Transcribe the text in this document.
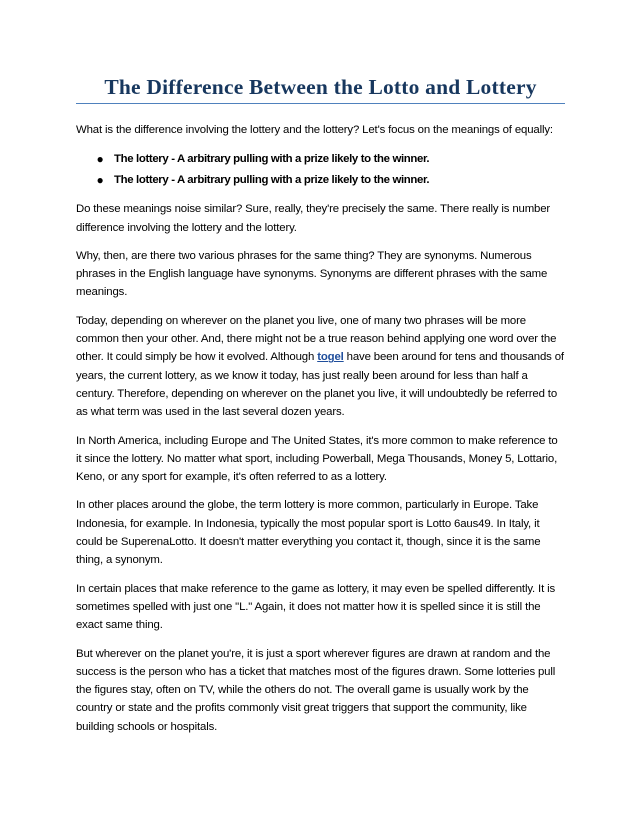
The Difference Between the Lotto and Lottery

What is the difference involving the lottery and the lottery? Let's focus on the meanings of equally:

● The lottery - A arbitrary pulling with a prize likely to the winner.
● The lottery - A arbitrary pulling with a prize likely to the winner.

Do these meanings noise similar? Sure, really, they're precisely the same. There really is number difference involving the lottery and the lottery.

Why, then, are there two various phrases for the same thing? They are synonyms. Numerous phrases in the English language have synonyms. Synonyms are different phrases with the same meanings.

Today, depending on wherever on the planet you live, one of many two phrases will be more common then your other. And, there might not be a true reason behind applying one word over the other. It could simply be how it evolved. Although togel have been around for tens and thousands of years, the current lottery, as we know it today, has just really been around for less than half a century. Therefore, depending on wherever on the planet you live, it will undoubtedly be referred to as what term was used in the last several dozen years.

In North America, including Europe and The United States, it's more common to make reference to it since the lottery. No matter what sport, including Powerball, Mega Thousands, Money 5, Lottario, Keno, or any sport for example, it's often referred to as a lottery.

In other places around the globe, the term lottery is more common, particularly in Europe. Take Indonesia, for example. In Indonesia, typically the most popular sport is Lotto 6aus49. In Italy, it could be SuperenaLotto. It doesn't matter everything you contact it, though, since it is the same thing, a synonym.

In certain places that make reference to the game as lottery, it may even be spelled differently. It is sometimes spelled with just one "L." Again, it does not matter how it is spelled since it is still the exact same thing.

But wherever on the planet you're, it is just a sport wherever figures are drawn at random and the success is the person who has a ticket that matches most of the figures drawn. Some lotteries pull the figures stay, often on TV, while the others do not. The overall game is usually work by the country or state and the profits commonly visit great triggers that support the community, like building schools or hospitals.
